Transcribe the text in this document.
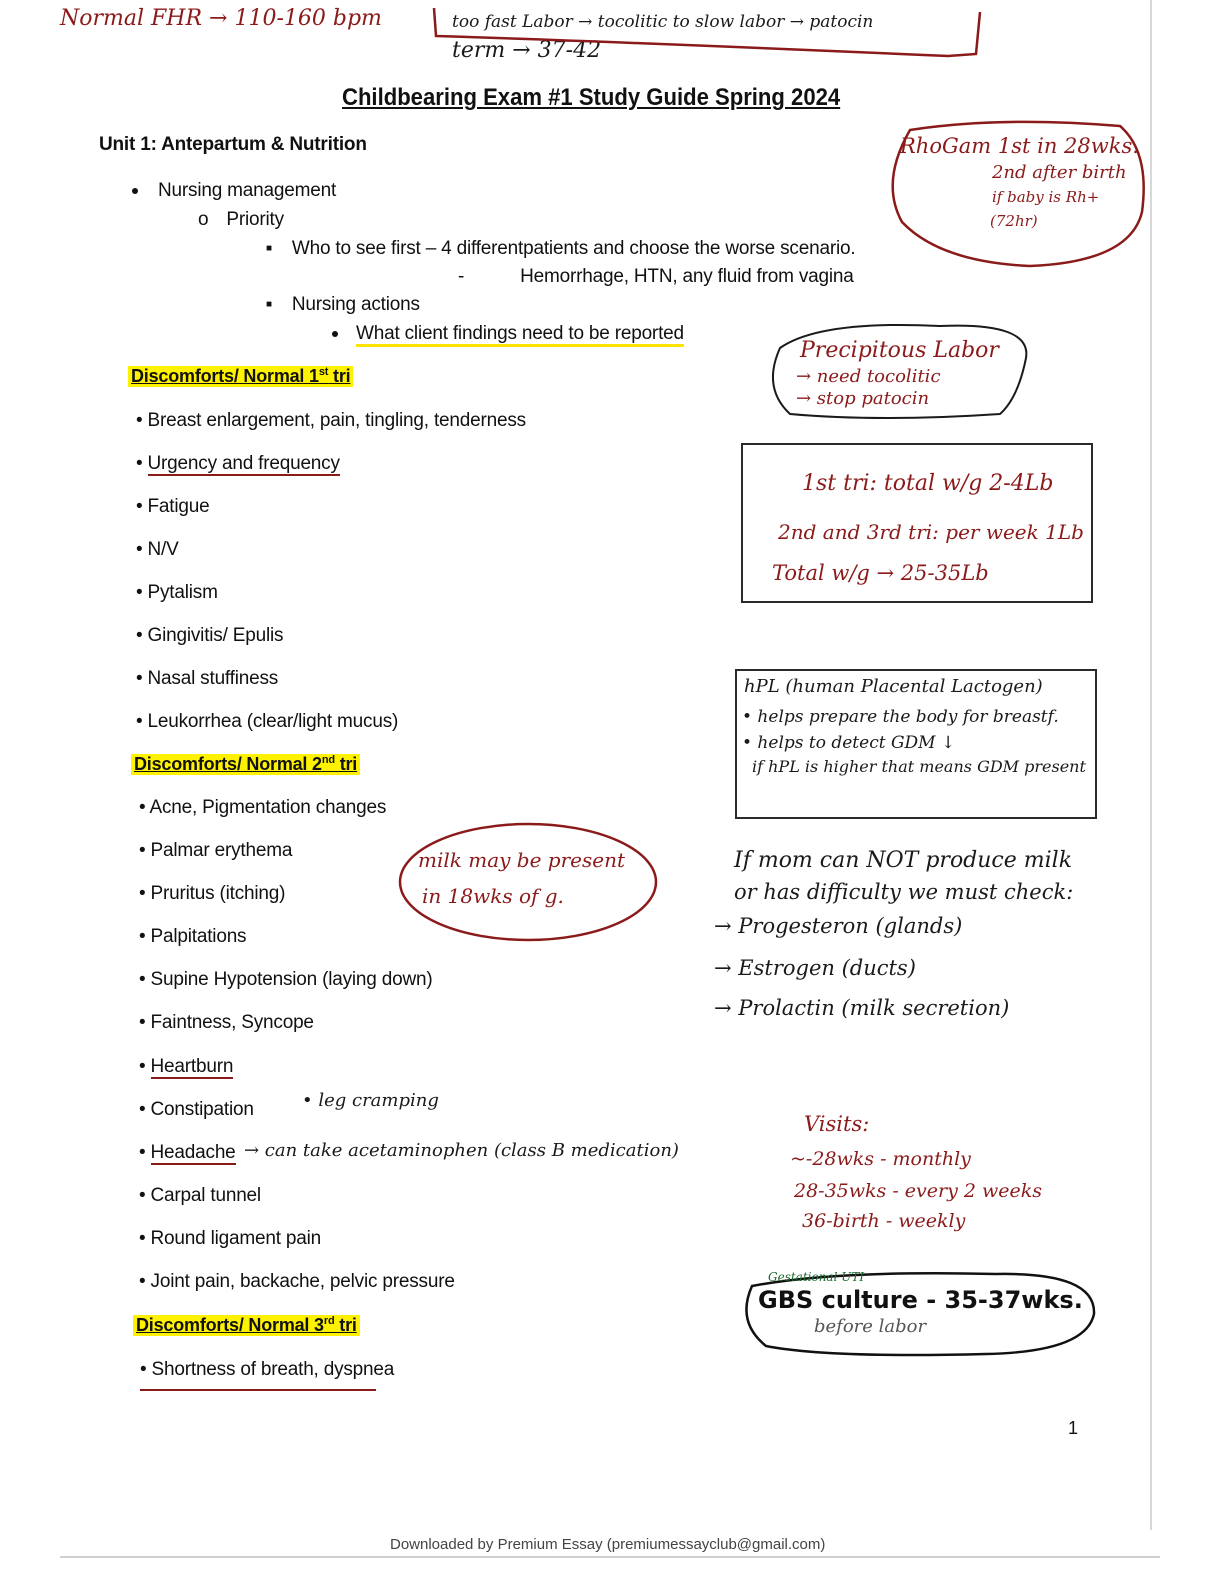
Normal FHR → 110-160 bpm	too fast Labor → tocolitic to slow labor → patocin
term → 37-42
Childbearing Exam #1 Study Guide Spring 2024
Unit 1: Antepartum & Nutrition
Nursing management
o Priority
■ Who to see first – 4 differentpatients and choose the worse scenario.
-	Hemorrhage, HTN, any fluid from vagina
■ Nursing actions
What client findings need to be reported
Discomforts/ Normal 1st tri
• Breast enlargement, pain, tingling, tenderness
• Urgency and frequency
• Fatigue
• N/V
• Pytalism
• Gingivitis/ Epulis
• Nasal stuffiness
• Leukorrhea (clear/light mucus)
Discomforts/ Normal 2nd tri
• Acne, Pigmentation changes
• Palmar erythema
• Pruritus (itching)
• Palpitations
• Supine Hypotension (laying down)
• Faintness, Syncope
• Heartburn
• Constipation
• Headache
• Carpal tunnel
• Round ligament pain
• Joint pain, backache, pelvic pressure
Discomforts/ Normal 3rd tri
• Shortness of breath, dyspnea
RhoGam 1st in 28wks.
2nd after birth
if baby is Rh+
(72hr)
Precipitous Labor
→ need tocolitic
→ stop patocin
1st tri: total w/g 2-4Lb
2nd and 3rd tri: per week 1Lb
Total w/g → 25-35Lb
hPL (human Placental Lactogen)
• helps prepare the body for breastf.
• helps to detect GDM ↓
if hPL is higher that means GDM present
milk may be present
in 18wks of g.
If mom can NOT produce milk
or has difficulty we must check:
→ Progesteron (glands)
→ Estrogen (ducts)
→ Prolactin (milk secretion)
• leg cramping
→ can take acetaminophen (class B medication)
Visits:
~-28wks - monthly
28-35wks - every 2 weeks
36-birth - weekly
Gestational UTI
GBS culture - 35-37wks.
before labor
1
Downloaded by Premium Essay (premiumessayclub@gmail.com)
